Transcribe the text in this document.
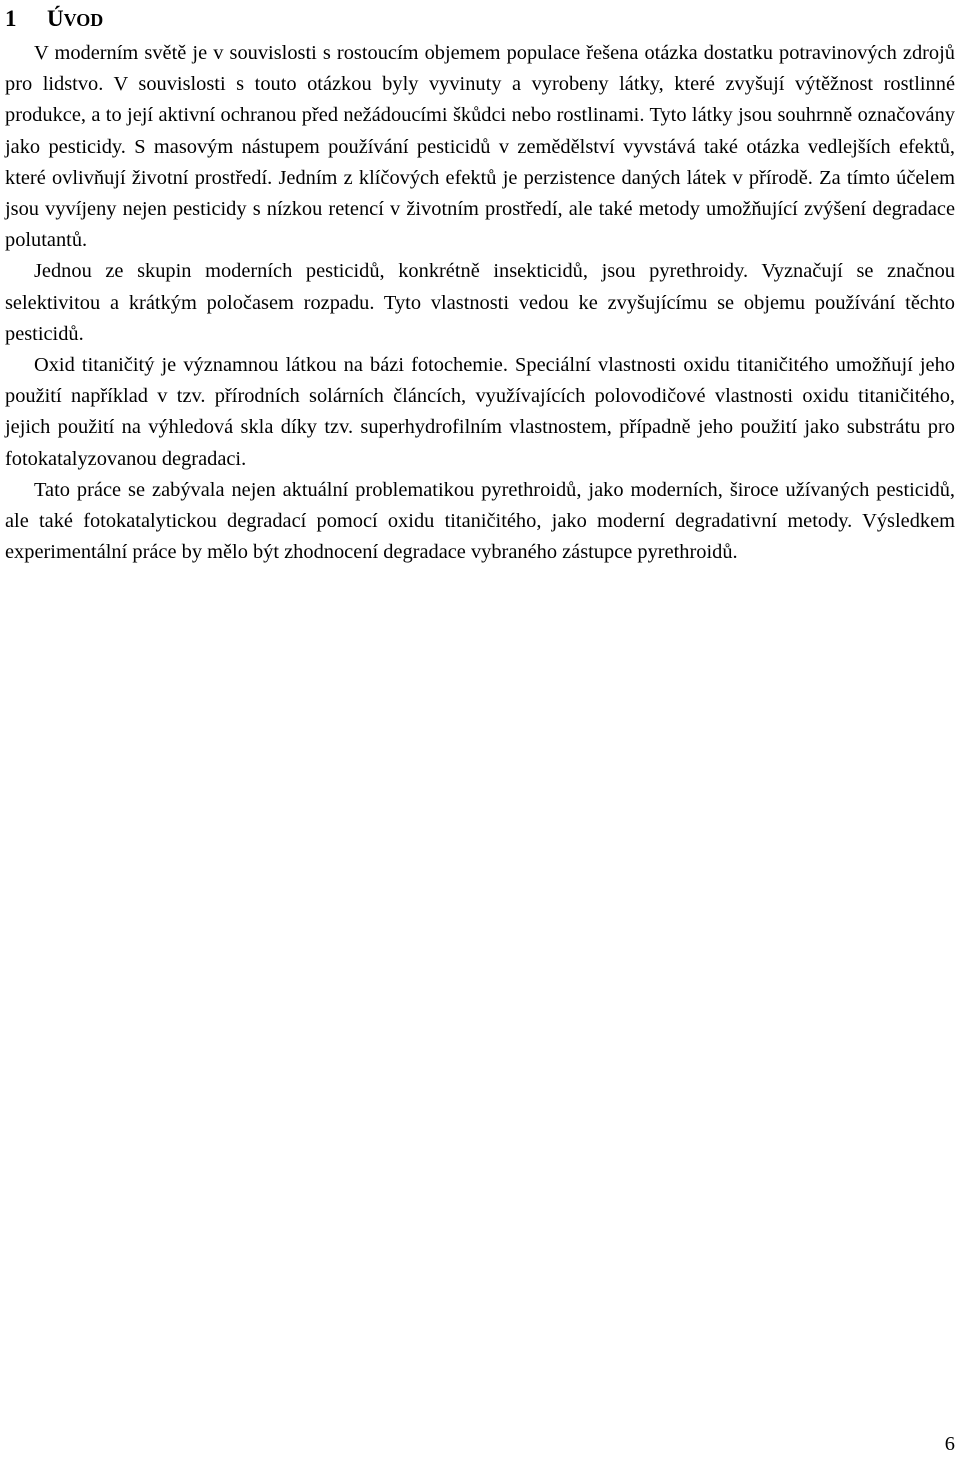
1 ÚVOD

V moderním světě je v souvislosti s rostoucím objemem populace řešena otázka dostatku potravinových zdrojů pro lidstvo. V souvislosti s touto otázkou byly vyvinuty a vyrobeny látky, které zvyšují výtěžnost rostlinné produkce, a to její aktivní ochranou před nežádoucími škůdci nebo rostlinami. Tyto látky jsou souhrnně označovány jako pesticidy. S masovým nástupem používání pesticidů v zemědělství vyvstává také otázka vedlejších efektů, které ovlivňují životní prostředí. Jedním z klíčových efektů je perzistence daných látek v přírodě. Za tímto účelem jsou vyvíjeny nejen pesticidy s nízkou retencí v životním prostředí, ale také metody umožňující zvýšení degradace polutantů.

Jednou ze skupin moderních pesticidů, konkrétně insekticidů, jsou pyrethroidy. Vyznačují se značnou selektivitou a krátkým poločasem rozpadu. Tyto vlastnosti vedou ke zvyšujícímu se objemu používání těchto pesticidů.

Oxid titaničitý je významnou látkou na bázi fotochemie. Speciální vlastnosti oxidu titaničitého umožňují jeho použití například v tzv. přírodních solárních článcích, využívajících polovodičové vlastnosti oxidu titaničitého, jejich použití na výhledová skla díky tzv. superhydrofilním vlastnostem, případně jeho použití jako substrátu pro fotokatalyzovanou degradaci.

Tato práce se zabývala nejen aktuální problematikou pyrethroidů, jako moderních, široce užívaných pesticidů, ale také fotokatalytickou degradací pomocí oxidu titaničitého, jako moderní degradativní metody. Výsledkem experimentální práce by mělo být zhodnocení degradace vybraného zástupce pyrethroidů.

6
